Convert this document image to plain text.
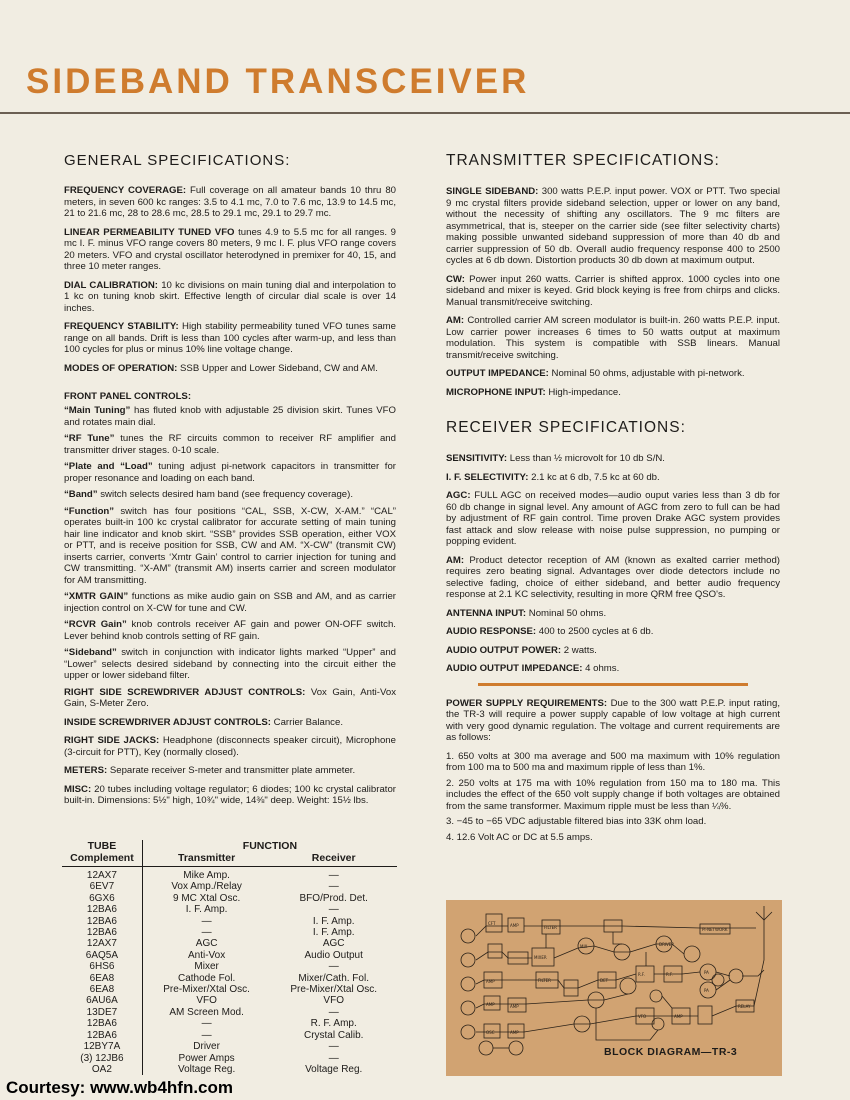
SIDEBAND TRANSCEIVER
GENERAL SPECIFICATIONS:

FREQUENCY COVERAGE: Full coverage on all amateur bands 10 thru 80 meters, in seven 600 kc ranges: 3.5 to 4.1 mc, 7.0 to 7.6 mc, 13.9 to 14.5 mc, 21 to 21.6 mc, 28 to 28.6 mc, 28.5 to 29.1 mc, 29.1 to 29.7 mc.

LINEAR PERMEABILITY TUNED VFO tunes 4.9 to 5.5 mc for all ranges. 9 mc I. F. minus VFO range covers 80 meters, 9 mc I. F. plus VFO range covers 20 meters. VFO and crystal oscillator heterodyned in premixer for 40, 15, and three 10 meter ranges.

DIAL CALIBRATION: 10 kc divisions on main tuning dial and interpolation to 1 kc on tuning knob skirt. Effective length of circular dial scale is over 14 inches.

FREQUENCY STABILITY: High stability permeability tuned VFO tunes same range on all bands. Drift is less than 100 cycles after warm-up, and less than 100 cycles for plus or minus 10% line voltage change.

MODES OF OPERATION: SSB Upper and Lower Sideband, CW and AM.

FRONT PANEL CONTROLS:

“Main Tuning” has fluted knob with adjustable 25 division skirt. Tunes VFO and rotates main dial.

“RF Tune” tunes the RF circuits common to receiver RF amplifier and transmitter driver stages. 0-10 scale.

“Plate and “Load” tuning adjust pi-network capacitors in transmitter for proper resonance and loading on each band.

“Band” switch selects desired ham band (see frequency coverage).

“Function” switch has four positions “CAL, SSB, X-CW, X-AM.” “CAL” operates built-in 100 kc crystal calibrator for accurate setting of main tuning hair line indicator and knob skirt. “SSB” provides SSB operation, either VOX or PTT, and is receive position for SSB, CW and AM. “X-CW” (transmit CW) inserts carrier, converts ‘Xmtr Gain’ control to carrier injection for tuning and CW transmitting. “X-AM” (transmit AM) inserts carrier and screen modulator for AM transmitting.

“XMTR GAIN” functions as mike audio gain on SSB and AM, and as carrier injection control on X-CW for tune and CW.

“RCVR Gain” knob controls receiver AF gain and power ON-OFF switch. Lever behind knob controls setting of RF gain.

“Sideband” switch in conjunction with indicator lights marked “Upper” and “Lower” selects desired sideband by connecting into the circuit either the upper or lower sideband filter.

RIGHT SIDE SCREWDRIVER ADJUST CONTROLS: Vox Gain, Anti-Vox Gain, S-Meter Zero.

INSIDE SCREWDRIVER ADJUST CONTROLS: Carrier Balance.

RIGHT SIDE JACKS: Headphone (disconnects speaker circuit), Microphone (3-circuit for PTT), Key (normally closed).

METERS: Separate receiver S-meter and transmitter plate ammeter.

MISC: 20 tubes including voltage regulator; 6 diodes; 100 kc crystal calibrator built-in. Dimensions: 5½" high, 10¾" wide, 14⅜" deep. Weight: 15½ lbs.

TRANSMITTER SPECIFICATIONS:

SINGLE SIDEBAND: 300 watts P.E.P. input power. VOX or PTT. Two special 9 mc crystal filters provide sideband selection, upper or lower on any band, without the necessity of shifting any oscillators. The 9 mc filters are asymmetrical, that is, steeper on the carrier side (see filter selectivity charts) making possible unwanted sideband suppression of more than 40 db and carrier suppression of 50 db. Overall audio frequency response 400 to 2500 cycles at 6 db down. Distortion products 30 db down at maximum output.

CW: Power input 260 watts. Carrier is shifted approx. 1000 cycles into one sideband and mixer is keyed. Grid block keying is free from chirps and clicks. Manual transmit/receive switching.

AM: Controlled carrier AM screen modulator is built-in. 260 watts P.E.P. input. Low carrier power increases 6 times to 50 watts output at maximum modulation. This system is compatible with SSB linears. Manual transmit/receive switching.

OUTPUT IMPEDANCE: Nominal 50 ohms, adjustable with pi-network.

MICROPHONE INPUT: High-impedance.

RECEIVER SPECIFICATIONS:

SENSITIVITY: Less than ½ microvolt for 10 db S/N.

I. F. SELECTIVITY: 2.1 kc at 6 db, 7.5 kc at 60 db.

AGC: FULL AGC on received modes—audio ouput varies less than 3 db for 60 db change in signal level. Any amount of AGC from zero to full can be had by adjustment of RF gain control. Time proven Drake AGC system provides fast attack and slow release with noise pulse suppression, no pumping or popping evident.

AM: Product detector reception of AM (known as exalted carrier method) requires zero beating signal. Advantages over diode detectors include no selective fading, choice of either sideband, and better audio frequency response at 2.1 KC selectivity, resulting in more QRM free QSO's.

ANTENNA INPUT: Nominal 50 ohms.

AUDIO RESPONSE: 400 to 2500 cycles at 6 db.

AUDIO OUTPUT POWER: 2 watts.

AUDIO OUTPUT IMPEDANCE: 4 ohms.

POWER SUPPLY REQUIREMENTS: Due to the 300 watt P.E.P. input rating, the TR-3 will require a power supply capable of low voltage at high current with very good dynamic regulation. The voltage and current requirements are as follows:

1. 650 volts at 300 ma average and 500 ma maximum with 10% regulation from 100 ma to 500 ma and maximum ripple of less than 1%.
2. 250 volts at 175 ma with 10% regulation from 150 ma to 180 ma. This includes the effect of the 650 volt supply change if both voltages are obtained from the same transformer. Maximum ripple must be less than ¼%.
3. −45 to −65 VDC adjustable filtered bias into 33K ohm load.
4. 12.6 Volt AC or DC at 5.5 amps.
TUBE	FUNCTION	
Complement	Transmitter	Receiver
12AX7	Mike Amp.	—
6EV7	Vox Amp./Relay	—
6GX6	9 MC Xtal Osc.	BFO/Prod. Det.
12BA6	I. F. Amp.	—
12BA6	—	I. F. Amp.
12BA6	—	I. F. Amp.
12AX7	AGC	AGC
6AQ5A	Anti-Vox	Audio Output
6HS6	Mixer	—
6EA8	Cathode Fol.	Mixer/Cath. Fol.
6EA8	Pre-Mixer/Xtal Osc.	Pre-Mixer/Xtal Osc.
6AU6A	VFO	VFO
13DE7	AM Screen Mod.	—
12BA6	—	R. F. Amp.
12BA6	—	Crystal Calib.
12BY7A	Driver	—
(3) 12JB6	Power Amps	—
OA2	Voltage Reg.	Voltage Reg.
CFT	AMP	FILTER
MIXER
FILTER
AMP
AMP	AMP
DET
R.F.	R.F.
PI-NETWORK
VFO	AMP
RELAY
OSC	AMP
MIX	DRIVER
PA
PA
BLOCK DIAGRAM—TR-3
Courtesy: www.wb4hfn.com
